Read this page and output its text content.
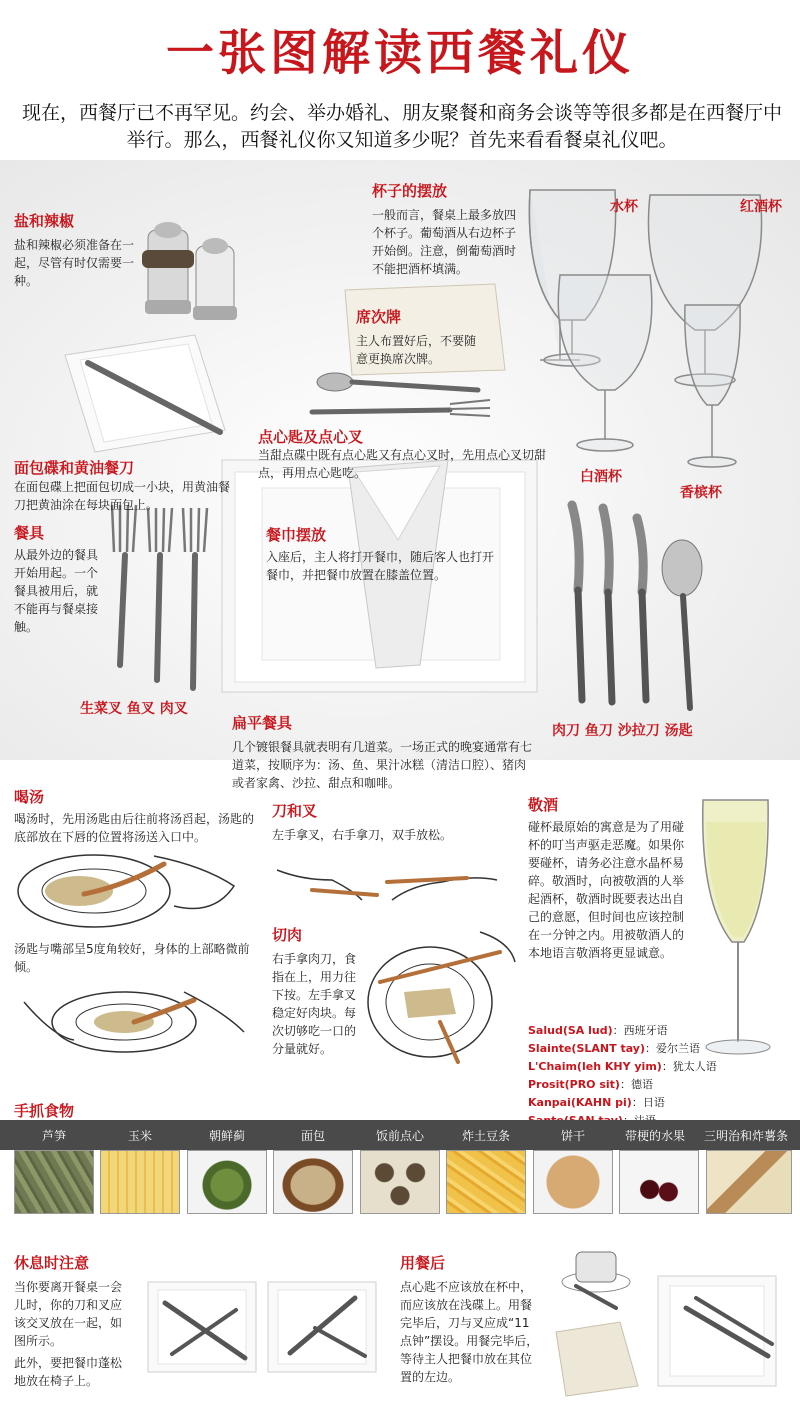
一张图解读西餐礼仪
现在，西餐厅已不再罕见。约会、举办婚礼、朋友聚餐和商务会谈等等很多都是在西餐厅中举行。那么，西餐礼仪你又知道多少呢？首先来看看餐桌礼仪吧。
盐和辣椒
盐和辣椒必须准备在一起，尽管有时仅需要一种。
杯子的摆放
一般而言，餐桌上最多放四个杯子。葡萄酒从右边杯子开始倒。注意，倒葡萄酒时不能把酒杯填满。
席次牌
主人布置好后，不要随意更换席次牌。
水杯	红酒杯
白酒杯
香槟杯
点心匙及点心叉
当甜点碟中既有点心匙又有点心叉时，先用点心叉切甜点，再用点心匙吃。
面包碟和黄油餐刀
在面包碟上把面包切成一小块，用黄油餐刀把黄油涂在每块面包上。
餐具
从最外边的餐具开始用起。一个餐具被用后，就不能再与餐桌接触。
餐巾摆放
入座后，主人将打开餐巾，随后客人也打开餐巾，并把餐巾放置在膝盖位置。
生菜叉 鱼叉 肉叉
肉刀 鱼刀 沙拉刀 汤匙
扁平餐具
几个镀银餐具就表明有几道菜。一场正式的晚宴通常有七道菜，按顺序为：汤、鱼、果汁冰糕（清洁口腔）、猪肉或者家禽、沙拉、甜点和咖啡。
喝汤
喝汤时，先用汤匙由后往前将汤舀起，汤匙的底部放在下唇的位置将汤送入口中。
汤匙与嘴部呈5度角较好，身体的上部略微前倾。
刀和叉
左手拿叉，右手拿刀，双手放松。
切肉
右手拿肉刀，食指在上，用力往下按。左手拿叉稳定好肉块。每次切够吃一口的分量就好。
敬酒
碰杯最原始的寓意是为了用碰杯的叮当声驱走恶魔。如果你要碰杯，请务必注意水晶杯易碎。敬酒时，向被敬酒的人举起酒杯，敬酒时既要表达出自己的意愿，但时间也应该控制在一分钟之内。用被敬酒人的本地语言敬酒将更显诚意。
Salud(SA lud)：西班牙语
Slainte(SLANT tay)：爱尔兰语
L'Chaim(leh KHY yim)：犹太人语
Prosit(PRO sit)：德语
Kanpai(KAHN pi)：日语
手抓食物
芦笋	玉米	朝鲜蓟	面包	饭前点心	炸土豆条	饼干	带梗的水果	三明治和炸薯条
休息时注意
当你要离开餐桌一会儿时，你的刀和叉应该交叉放在一起，如图所示。
此外，要把餐巾蓬松地放在椅子上。
用餐后
点心匙不应该放在杯中，而应该放在浅碟上。用餐完毕后，刀与叉应成“11点钟”摆设。用餐完毕后，等待主人把餐巾放在其位置的左边。
